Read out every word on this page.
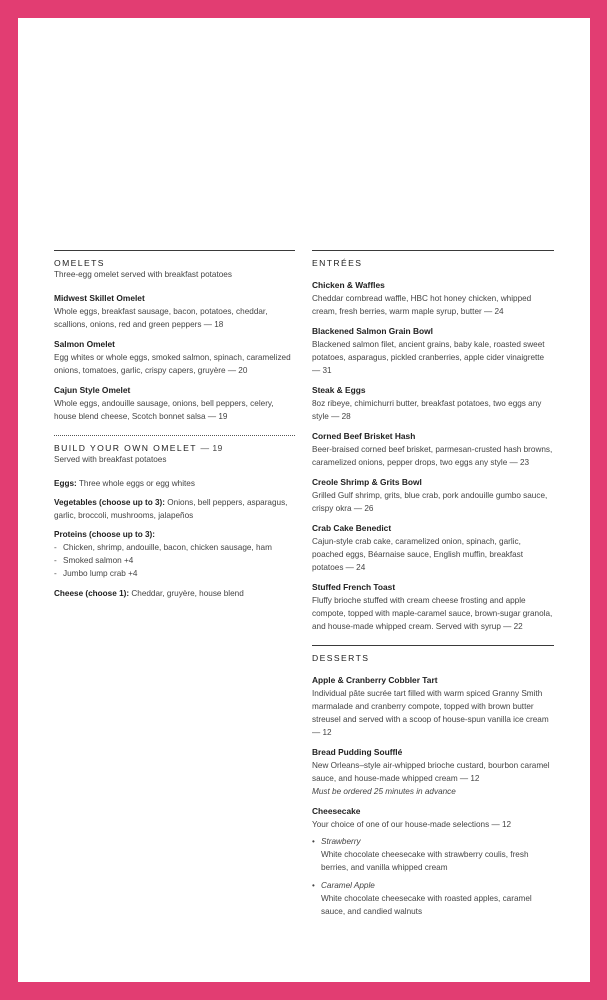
OMELETS
Three-egg omelet served with breakfast potatoes
Midwest Skillet Omelet
Whole eggs, breakfast sausage, bacon, potatoes, cheddar, scallions, onions, red and green peppers — 18
Salmon Omelet
Egg whites or whole eggs, smoked salmon, spinach, caramelized onions, tomatoes, garlic, crispy capers, gruyère — 20
Cajun Style Omelet
Whole eggs, andouille sausage, onions, bell peppers, celery, house blend cheese, Scotch bonnet salsa — 19
BUILD YOUR OWN OMELET — 19
Served with breakfast potatoes
Eggs: Three whole eggs or egg whites
Vegetables (choose up to 3): Onions, bell peppers, asparagus, garlic, broccoli, mushrooms, jalapeños
Proteins (choose up to 3):
- Chicken, shrimp, andouille, bacon, chicken sausage, ham
- Smoked salmon +4
- Jumbo lump crab +4
Cheese (choose 1): Cheddar, gruyère, house blend
ENTRÉES
Chicken & Waffles
Cheddar cornbread waffle, HBC hot honey chicken, whipped cream, fresh berries, warm maple syrup, butter — 24
Blackened Salmon Grain Bowl
Blackened salmon filet, ancient grains, baby kale, roasted sweet potatoes, asparagus, pickled cranberries, apple cider vinaigrette — 31
Steak & Eggs
8oz ribeye, chimichurri butter, breakfast potatoes, two eggs any style — 28
Corned Beef Brisket Hash
Beer-braised corned beef brisket, parmesan-crusted hash browns, caramelized onions, pepper drops, two eggs any style — 23
Creole Shrimp & Grits Bowl
Grilled Gulf shrimp, grits, blue crab, pork andouille gumbo sauce, crispy okra — 26
Crab Cake Benedict
Cajun-style crab cake, caramelized onion, spinach, garlic, poached eggs, Béarnaise sauce, English muffin, breakfast potatoes — 24
Stuffed French Toast
Fluffy brioche stuffed with cream cheese frosting and apple compote, topped with maple-caramel sauce, brown-sugar granola, and house-made whipped cream. Served with syrup — 22
DESSERTS
Apple & Cranberry Cobbler Tart
Individual pâte sucrée tart filled with warm spiced Granny Smith marmalade and cranberry compote, topped with brown butter streusel and served with a scoop of house-spun vanilla ice cream — 12
Bread Pudding Soufflé
New Orleans–style air-whipped brioche custard, bourbon caramel sauce, and house-made whipped cream — 12
Must be ordered 25 minutes in advance
Cheesecake
Your choice of one of our house-made selections — 12
• Strawberry
White chocolate cheesecake with strawberry coulis, fresh berries, and vanilla whipped cream
• Caramel Apple
White chocolate cheesecake with roasted apples, caramel sauce, and candied walnuts
